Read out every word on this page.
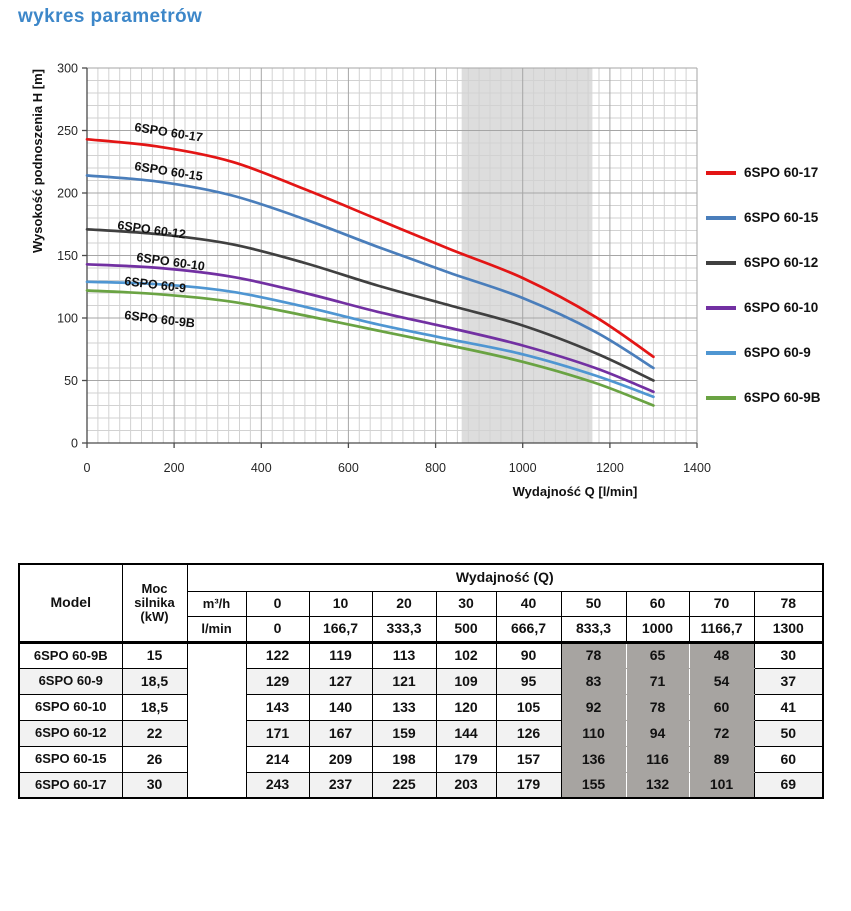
wykres parametrów
0	200	400	600	800	1000	1200	1400
0
50
100
150
200
250
300
6SPO 60-17
6SPO 60-15
6SPO 60-12
6SPO 60-10
6SPO 60-9
6SPO 60-9B
Wydajność Q [l/min]
Wysokość podnoszenia H [m]	6SPO 60-17
6SPO 60-15
6SPO 60-12
6SPO 60-10
6SPO 60-9
6SPO 60-9B
Model	Moc silnika (kW)	Wydajność (Q)									
		m³/h	0	10	20	30	40	50	60	70	78
		l/min	0	166,7	333,3	500	666,7	833,3	1000	1166,7	1300
6SPO 60-9B	15		122	119	113	102	90	78	65	48	30
6SPO 60-9	18,5		129	127	121	109	95	83	71	54	37
6SPO 60-10	18,5		143	140	133	120	105	92	78	60	41
6SPO 60-12	22		171	167	159	144	126	110	94	72	50
6SPO 60-15	26		214	209	198	179	157	136	116	89	60
6SPO 60-17	30		243	237	225	203	179	155	132	101	69
